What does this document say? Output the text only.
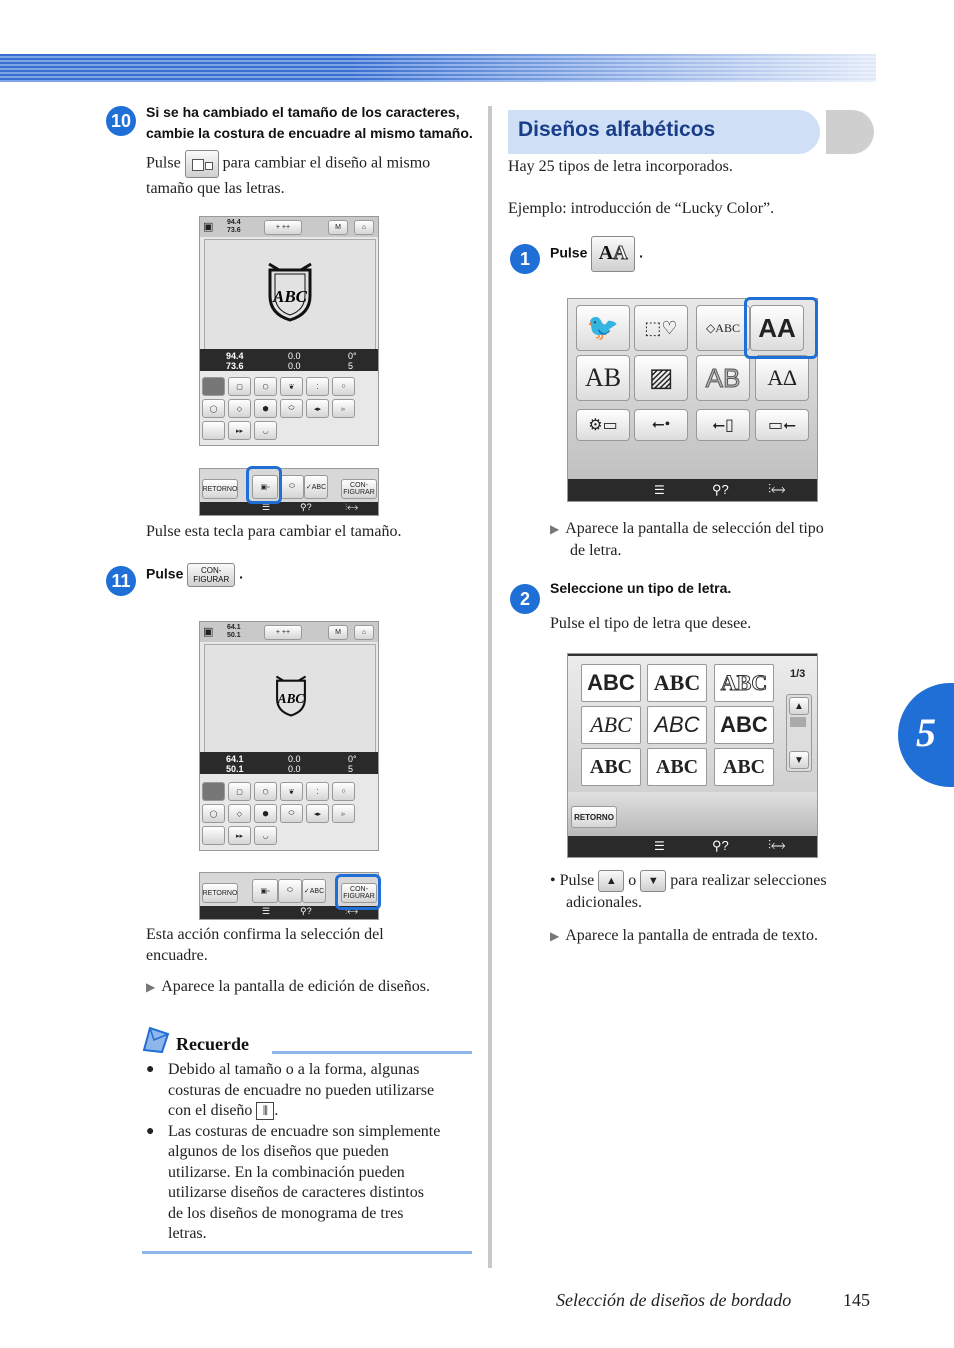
10	Si se ha cambiado el tamaño de los caracteres,
cambie la costura de encuadre al mismo tamaño.
Pulse	para cambiar el diseño al mismo
tamaño que las letras.
▣ 94.4
73.6	+ ++	M	⌂
ABC
94.4
73.6
0.0
0.0
0°
5
▢	⬡	❦	⁚	○
◯	◇	⬢	⬭	◂▸	▹
▸▸	◡
RETORNO	▣▫	⬭	✓ABC	CON-
FIGURAR
☰	⚲?	⫶⟷
Pulse esta tecla para cambiar el tamaño.
11	Pulse CON-
FIGURAR .
▣ 64.1
50.1	+ ++	M	⌂
ABC
64.1
50.1
0.0
0.0
0°
5
▢	⬡	❦	⁚	○
◯	◇	⬢	⬭	◂▸	▹
▸▸	◡
RETORNO	▣▫	⬭	✓ABC	CON-
FIGURAR
☰	⚲?	⫶⟷
Esta acción confirma la selección del
encuadre.
▶ Aparece la pantalla de edición de diseños.
Recuerde
● Debido al tamaño o a la forma, algunas
costuras de encuadre no pueden utilizarse
con el diseño ⫼ .
● Las costuras de encuadre son simplemente
algunos de los diseños que pueden
utilizarse. En la combinación pueden
utilizarse diseños de caracteres distintos
de los diseños de monograma de tres
letras.
Diseños alfabéticos
Hay 25 tipos de letra incorporados.
Ejemplo: introducción de “Lucky Color”.
1	Pulse AA .
🐦	⬚♡	◇ABC AA
AB	▨	AB	A∆
⚙▭	⭠•	⭠▯	▭⭠
☰	⚲?	⫶⟷
▶ Aparece la pantalla de selección del tipo
de letra.
2
Seleccione un tipo de letra.
Pulse el tipo de letra que desee.
ABC ABC ABC
ABC	ABC ABC
ABC	ABC	ABC
1/3
▲
▼
RETORNO
☰	⚲?	⫶⟷
• Pulse ▲ o ▼ para realizar selecciones
adicionales.
▶ Aparece la pantalla de entrada de texto.
5
Selección de diseños de bordado	145
